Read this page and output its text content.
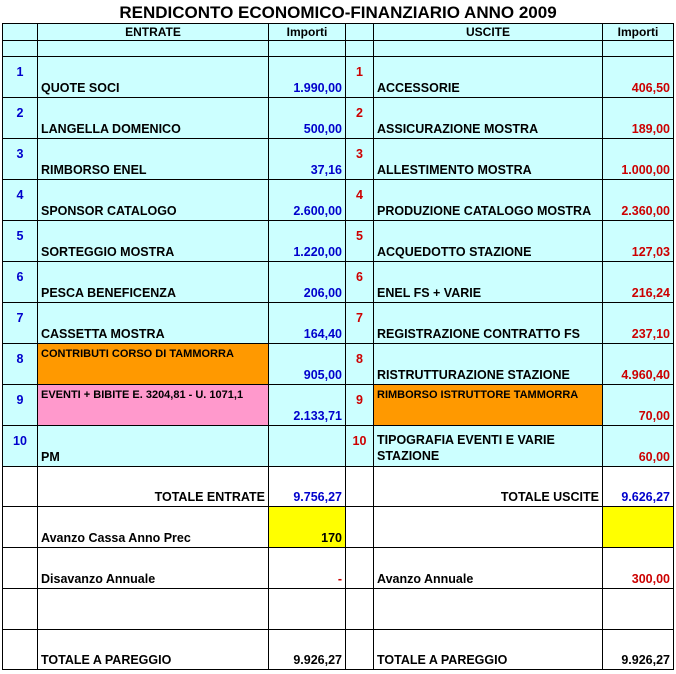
RENDICONTO ECONOMICO-FINANZIARIO ANNO 2009
	ENTRATE	Importi		USCITE	Importi

1	QUOTE SOCI	1.990,00	1	ACCESSORIE	406,50
2	LANGELLA DOMENICO	500,00	2	ASSICURAZIONE MOSTRA	189,00
3	RIMBORSO ENEL	37,16	3	ALLESTIMENTO MOSTRA	1.000,00
4	SPONSOR CATALOGO	2.600,00	4	PRODUZIONE CATALOGO MOSTRA	2.360,00
5	SORTEGGIO MOSTRA	1.220,00	5	ACQUEDOTTO STAZIONE	127,03
6	PESCA BENEFICENZA	206,00	6	ENEL FS + VARIE	216,24
7	CASSETTA MOSTRA	164,40	7	REGISTRAZIONE CONTRATTO FS	237,10
8	CONTRIBUTI CORSO DI TAMMORRA	905,00	8	RISTRUTTURAZIONE STAZIONE	4.960,40
9	EVENTI + BIBITE E. 3204,81 - U. 1071,1	2.133,71	9	RIMBORSO ISTRUTTORE TAMMORRA	70,00
10	PM		10	TIPOGRAFIA EVENTI E VARIE STAZIONE	60,00
	TOTALE ENTRATE	9.756,27		TOTALE USCITE	9.626,27
	Avanzo Cassa Anno Prec	170			
	Disavanzo Annuale	-		Avanzo Annuale	300,00

	TOTALE A PAREGGIO	9.926,27		TOTALE A PAREGGIO	9.926,27
